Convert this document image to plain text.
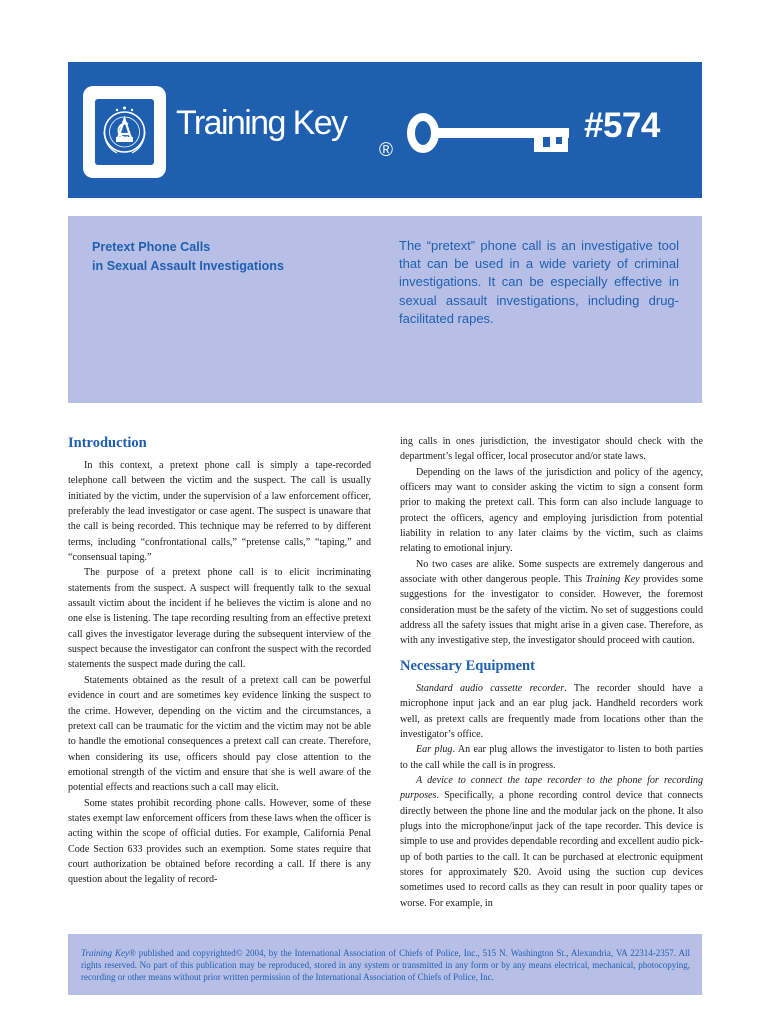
Training Key
®
#574
Pretext Phone Calls
in Sexual Assault Investigations
The “pretext” phone call is an investigative tool that can be used in a wide variety of criminal investigations. It can be especially effective in sexual assault investigations, including drug-facilitated rapes.
Introduction

In this context, a pretext phone call is simply a tape-recorded telephone call between the victim and the suspect. The call is usually initiated by the victim, under the supervision of a law enforcement officer, preferably the lead investigator or case agent. The suspect is unaware that the call is being recorded. This technique may be referred to by different terms, including “confrontational calls,” “pretense calls,” “taping,” and “consensual taping.”

The purpose of a pretext phone call is to elicit incriminating statements from the suspect. A suspect will frequently talk to the sexual assault victim about the incident if he believes the victim is alone and no one else is listening. The tape recording resulting from an effective pretext call gives the investigator leverage during the subsequent interview of the suspect because the investigator can confront the suspect with the recorded statements the suspect made during the call.

Statements obtained as the result of a pretext call can be powerful evidence in court and are sometimes key evidence linking the suspect to the crime. However, depending on the victim and the circumstances, a pretext call can be traumatic for the victim and the victim may not be able to handle the emotional consequences a pretext call can create. Therefore, when considering its use, officers should pay close attention to the emotional strength of the victim and ensure that she is well aware of the potential effects and reactions such a call may elicit.

Some states prohibit recording phone calls. However, some of these states exempt law enforcement officers from these laws when the officer is acting within the scope of official duties. For example, California Penal Code Section 633 provides such an exemption. Some states require that court authorization be obtained before recording a call. If there is any question about the legality of record-

ing calls in ones jurisdiction, the investigator should check with the department’s legal officer, local prosecutor and/or state laws.

Depending on the laws of the jurisdiction and policy of the agency, officers may want to consider asking the victim to sign a consent form prior to making the pretext call. This form can also include language to protect the officers, agency and employing jurisdiction from potential liability in relation to any later claims by the victim, such as claims relating to emotional injury.

No two cases are alike. Some suspects are extremely dangerous and associate with other dangerous people. This Training Key provides some suggestions for the investigator to consider. However, the foremost consideration must be the safety of the victim. No set of suggestions could address all the safety issues that might arise in a given case. Therefore, as with any investigative step, the investigator should proceed with caution.

Necessary Equipment

Standard audio cassette recorder. The recorder should have a microphone input jack and an ear plug jack. Handheld recorders work well, as pretext calls are frequently made from locations other than the investigator’s office.

Ear plug. An ear plug allows the investigator to listen to both parties to the call while the call is in progress.

A device to connect the tape recorder to the phone for recording purposes. Specifically, a phone recording control device that connects directly between the phone line and the modular jack on the phone. It also plugs into the microphone/input jack of the tape recorder. This device is simple to use and provides dependable recording and excellent audio pick-up of both parties to the call. It can be purchased at electronic equipment stores for approximately $20. Avoid using the suction cup devices sometimes used to record calls as they can result in poor quality tapes or worse. For example, in

Training Key® published and copyrighted© 2004, by the International Association of Chiefs of Police, Inc., 515 N. Washington St., Alexandria, VA 22314-2357. All rights reserved. No part of this publication may be reproduced, stored in any system or transmitted in any form or by any means electrical, mechanical, photocopying, recording or other means without prior written permission of the International Association of Chiefs of Police, Inc.
